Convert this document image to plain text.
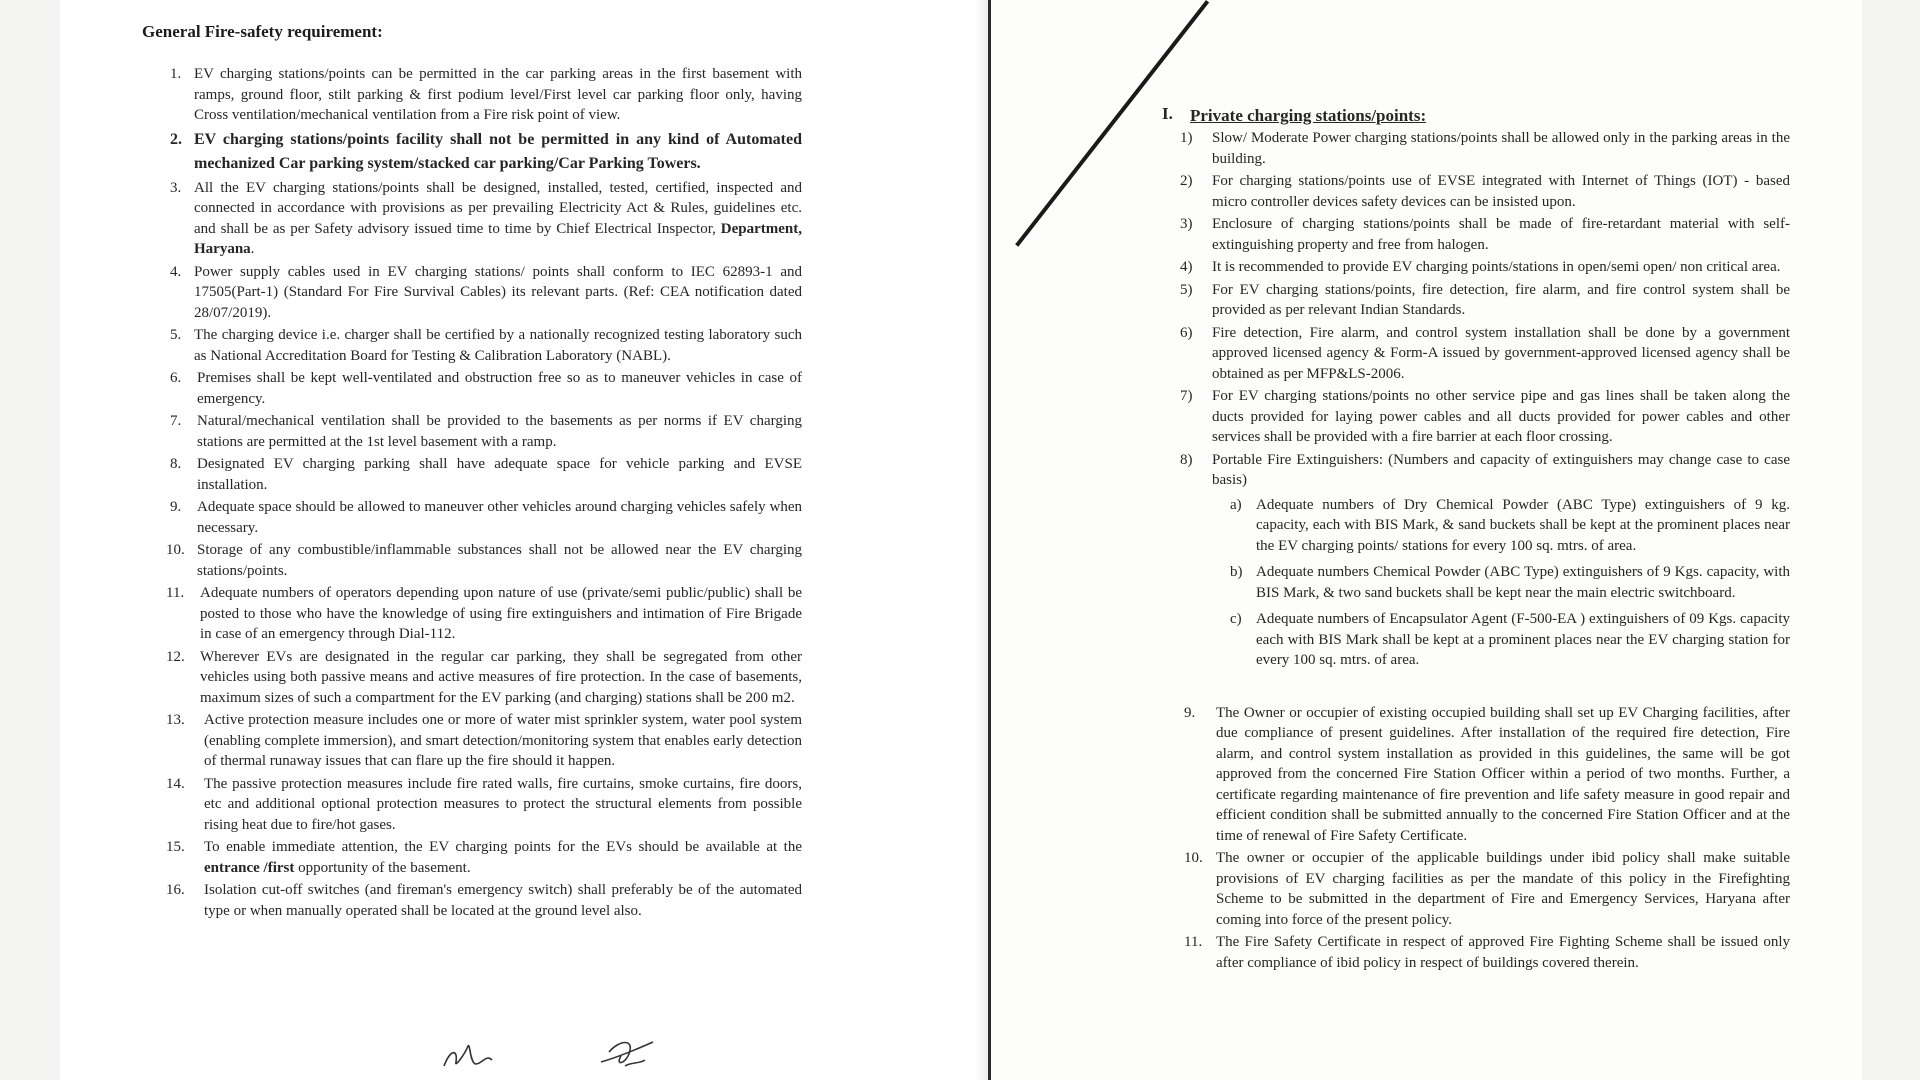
General Fire-safety requirement:
1. EV charging stations/points can be permitted in the car parking areas in the first basement with ramps, ground floor, stilt parking & first podium level/First level car parking floor only, having Cross ventilation/mechanical ventilation from a Fire risk point of view.
2. EV charging stations/points facility shall not be permitted in any kind of Automated mechanized Car parking system/stacked car parking/Car Parking Towers.
3. All the EV charging stations/points shall be designed, installed, tested, certified, inspected and connected in accordance with provisions as per prevailing Electricity Act & Rules, guidelines etc. and shall be as per Safety advisory issued time to time by Chief Electrical Inspector, Department, Haryana.
4. Power supply cables used in EV charging stations/ points shall conform to IEC 62893-1 and 17505(Part-1) (Standard For Fire Survival Cables) its relevant parts. (Ref: CEA notification dated 28/07/2019).
5. The charging device i.e. charger shall be certified by a nationally recognized testing laboratory such as National Accreditation Board for Testing & Calibration Laboratory (NABL).
6. Premises shall be kept well-ventilated and obstruction free so as to maneuver vehicles in case of emergency.
7. Natural/mechanical ventilation shall be provided to the basements as per norms if EV charging stations are permitted at the 1st level basement with a ramp.
8. Designated EV charging parking shall have adequate space for vehicle parking and EVSE installation.
9. Adequate space should be allowed to maneuver other vehicles around charging vehicles safely when necessary.
10. Storage of any combustible/inflammable substances shall not be allowed near the EV charging stations/points.
11. Adequate numbers of operators depending upon nature of use (private/semi public/public) shall be posted to those who have the knowledge of using fire extinguishers and intimation of Fire Brigade in case of an emergency through Dial-112.
12. Wherever EVs are designated in the regular car parking, they shall be segregated from other vehicles using both passive means and active measures of fire protection. In the case of basements, maximum sizes of such a compartment for the EV parking (and charging) stations shall be 200 m2.
13. Active protection measure includes one or more of water mist sprinkler system, water pool system (enabling complete immersion), and smart detection/monitoring system that enables early detection of thermal runaway issues that can flare up the fire should it happen.
14. The passive protection measures include fire rated walls, fire curtains, smoke curtains, fire doors, etc and additional optional protection measures to protect the structural elements from possible rising heat due to fire/hot gases.
15. To enable immediate attention, the EV charging points for the EVs should be available at the entrance /first opportunity of the basement.
16. Isolation cut-off switches (and fireman's emergency switch) shall preferably be of the automated type or when manually operated shall be located at the ground level also.
I. Private charging stations/points:
1) Slow/ Moderate Power charging stations/points shall be allowed only in the parking areas in the building.
2) For charging stations/points use of EVSE integrated with Internet of Things (IOT) - based micro controller devices safety devices can be insisted upon.
3) Enclosure of charging stations/points shall be made of fire-retardant material with self-extinguishing property and free from halogen.
4) It is recommended to provide EV charging points/stations in open/semi open/ non critical area.
5) For EV charging stations/points, fire detection, fire alarm, and fire control system shall be provided as per relevant Indian Standards.
6) Fire detection, Fire alarm, and control system installation shall be done by a government approved licensed agency & Form-A issued by government-approved licensed agency shall be obtained as per MFP&LS-2006.
7) For EV charging stations/points no other service pipe and gas lines shall be taken along the ducts provided for laying power cables and all ducts provided for power cables and other services shall be provided with a fire barrier at each floor crossing.
8) Portable Fire Extinguishers: (Numbers and capacity of extinguishers may change case to case basis)
a) Adequate numbers of Dry Chemical Powder (ABC Type) extinguishers of 9 kg. capacity, each with BIS Mark, & sand buckets shall be kept at the prominent places near the EV charging points/ stations for every 100 sq. mtrs. of area.
b) Adequate numbers Chemical Powder (ABC Type) extinguishers of 9 Kgs. capacity, with BIS Mark, & two sand buckets shall be kept near the main electric switchboard.
c) Adequate numbers of Encapsulator Agent (F-500-EA ) extinguishers of 09 Kgs. capacity each with BIS Mark shall be kept at a prominent places near the EV charging station for every 100 sq. mtrs. of area.
9. The Owner or occupier of existing occupied building shall set up EV Charging facilities, after due compliance of present guidelines. After installation of the required fire detection, Fire alarm, and control system installation as provided in this guidelines, the same will be got approved from the concerned Fire Station Officer within a period of two months. Further, a certificate regarding maintenance of fire prevention and life safety measure in good repair and efficient condition shall be submitted annually to the concerned Fire Station Officer and at the time of renewal of Fire Safety Certificate.
10. The owner or occupier of the applicable buildings under ibid policy shall make suitable provisions of EV charging facilities as per the mandate of this policy in the Firefighting Scheme to be submitted in the department of Fire and Emergency Services, Haryana after coming into force of the present policy.
11. The Fire Safety Certificate in respect of approved Fire Fighting Scheme shall be issued only after compliance of ibid policy in respect of buildings covered therein.
